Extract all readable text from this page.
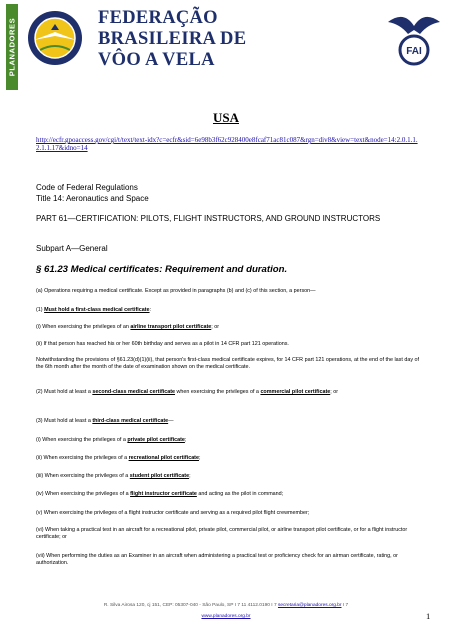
PLANADORES	FEDERAÇÃO
BRASILEIRA DE
VÔO A VELA	FAI
USA
http://ecfr.gpoaccess.gov/cgi/t/text/text-idx?c=ecfr&sid=6e98b3f62c928400e8fcaf71ac81c087&rgn=div8&view=text&node=14:2.0.1.1.2.1.1.17&idno=14
Code of Federal Regulations
Title 14: Aeronautics and Space
PART 61—CERTIFICATION: PILOTS, FLIGHT INSTRUCTORS, AND GROUND INSTRUCTORS
Subpart A—General
§ 61.23 Medical certificates: Requirement and duration.
(a) Operations requiring a medical certificate. Except as provided in paragraphs (b) and (c) of this section, a person—
(1) Must hold a first-class medical certificate:
(i) When exercising the privileges of an airline transport pilot certificate; or
(ii) If that person has reached his or her 60th birthday and serves as a pilot in 14 CFR part 121 operations.
Notwithstanding the provisions of §61.23(d)(1)(ii), that person's first-class medical certificate expires, for 14 CFR part 121 operations, at the end of the last day of the 6th month after the month of the date of examination shown on the medical certificate.
(2) Must hold at least a second-class medical certificate when exercising the privileges of a commercial pilot certificate; or
(3) Must hold at least a third-class medical certificate—
(i) When exercising the privileges of a private pilot certificate;
(ii) When exercising the privileges of a recreational pilot certificate;
(iii) When exercising the privileges of a student pilot certificate;
(iv) When exercising the privileges of a flight instructor certificate and acting as the pilot in command;
(v) When exercising the privileges of a flight instructor certificate and serving as a required pilot flight crewmember;
(vi) When taking a practical test in an aircraft for a recreational pilot, private pilot, commercial pilot, or airline transport pilot certificate, or for a flight instructor certificate; or
(vii) When performing the duties as an Examiner in an aircraft when administering a practical test or proficiency check for an airman certificate, rating, or authorization.
R. Silva Airosa 120, cj 151, CEP: 05307-040 - São Paulo, SP I 7 11 4112.0190 I 7 secretaria@planadores.org.br I 7
www.planadores.org.br	1
